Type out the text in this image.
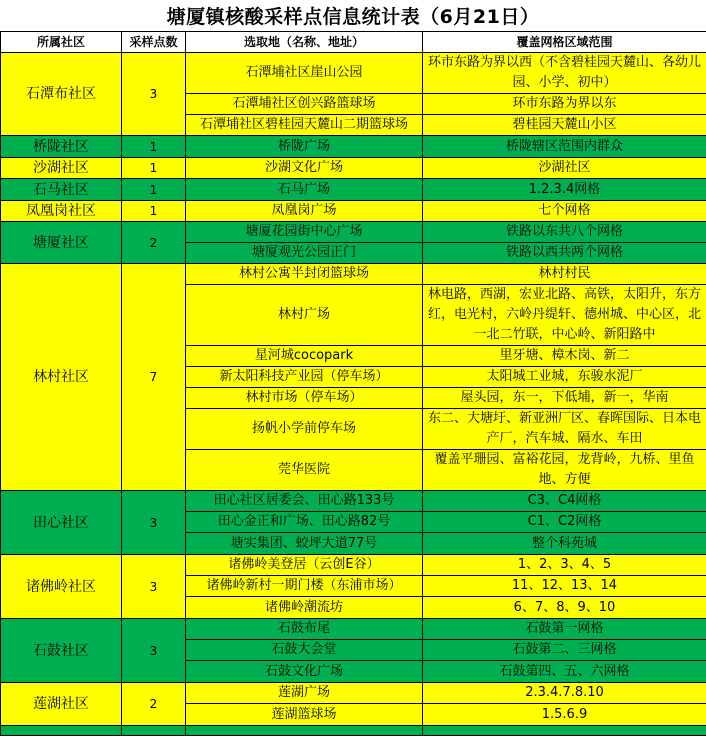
塘厦镇核酸采样点信息统计表（6月21日）
所属社区	采样点数	选取地（名称、地址）	覆盖网格区域范围
石潭布社区	3	石潭埔社区崖山公园	环市东路为界以西（不含碧桂园天麓山、各幼儿园、小学、初中）
		石潭埔社区创兴路篮球场	环市东路为界以东
		石潭埔社区碧桂园天麓山二期篮球场	碧桂园天麓山小区
桥陇社区	1	桥陇广场	桥陇辖区范围内群众
沙湖社区	1	沙湖文化广场	沙湖社区
石马社区	1	石马广场	1.2.3.4网格
凤凰岗社区	1	凤凰岗广场	七个网格
塘厦社区	2	塘厦花园街中心广场	铁路以东共八个网格
		塘厦观光公园正门	铁路以西共两个网格
林村社区	7	林村公寓半封闭篮球场	林村村民
		林村广场	林电路，西湖，宏业北路、高铁，太阳升，东方红，电光村，六岭丹缇轩、德州城、中心区，北一北二竹联，中心岭、新阳路中
		星河城cocopark	里牙塘、樟木岗、新二
		新太阳科技产业园（停车场）	太阳城工业城，东骏水泥厂
		林村市场（停车场）	屋头园，东一，下低埔，新一，华南
		扬帆小学前停车场	东二、大塘圩、新亚洲厂区、春晖国际、日本电产厂，汽车城、隔水、车田
		莞华医院	覆盖平珊园、富裕花园，龙背岭，九桥、里鱼地、方便
田心社区	3	田心社区居委会、田心路133号	C3、C4网格
		田心金正和广场、田心路82号	C1、C2网格
		塘实集团、蛟坪大道77号	整个科苑城
诸佛岭社区	3	诸佛岭美登居（云创E谷）	1、2、3、4、5
		诸佛岭新村一期门楼（东浦市场）	11、12、13、14
		诸佛岭潮流坊	6、7、8、9、10
石鼓社区	3	石鼓布尾	石鼓第一网格
		石鼓大会堂	石鼓第二、三网格
		石鼓文化广场	石鼓第四、五、六网格
莲湖社区	2	莲湖广场	2.3.4.7.8.10
		莲湖篮球场	1.5.6.9
